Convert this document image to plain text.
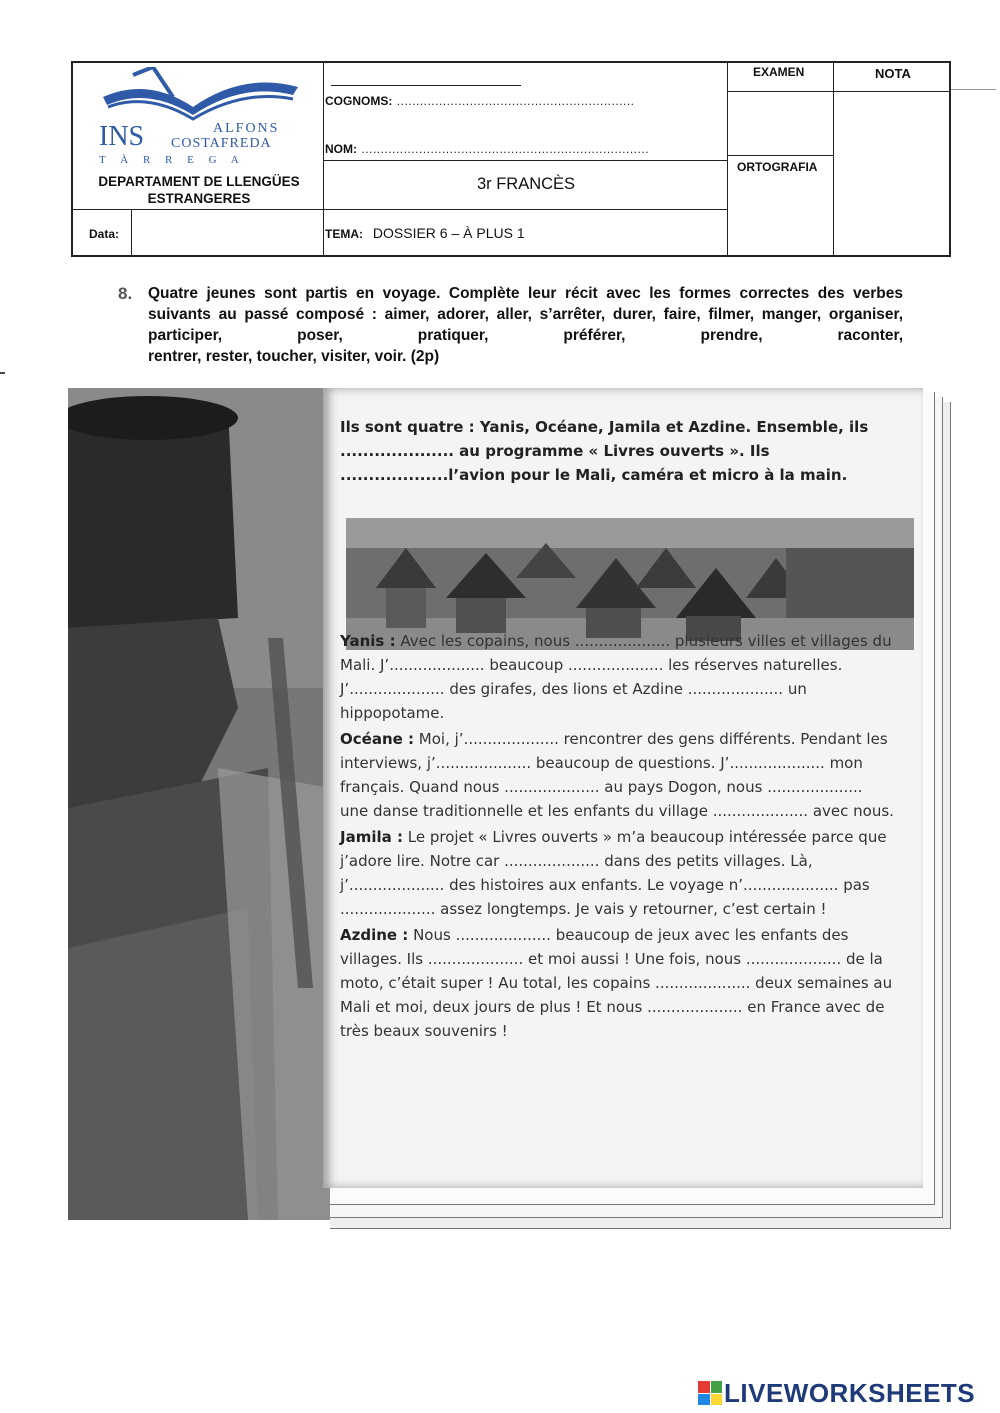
INS	ALFONS
COSTAFREDA
T À R R E G A
DEPARTAMENT DE LLENGÜES ESTRANGERES
COGNOMS: ..............................................................
NOM: ...........................................................................
3r FRANCÈS
EXAMEN	NOTA
ORTOGRAFIA
Data:	TEMA: DOSSIER 6 – À PLUS 1
8. Quatre jeunes sont partis en voyage. Complète leur récit avec les formes correctes des verbes suivants au passé composé : aimer, adorer, aller, s’arrêter, durer, faire, filmer, manger, organiser, participer, poser, pratiquer, préférer, prendre, raconter,
rentrer, rester, toucher, visiter, voir. (2p)

Ils sont quatre : Yanis, Océane, Jamila et Azdine. Ensemble, ils .................... au programme « Livres ouverts ». Ils ...................l’avion pour le Mali, caméra et micro à la main.

Yanis : Avec les copains, nous .................... plusieurs villes et villages du Mali. J’.................... beaucoup .................... les réserves naturelles. J’.................... des girafes, des lions et Azdine .................... un hippopotame.

Océane : Moi, j’.................... rencontrer des gens différents. Pendant les interviews, j’.................... beaucoup de questions. J’.................... mon français. Quand nous .................... au pays Dogon, nous .................... une danse traditionnelle et les enfants du village .................... avec nous.

Jamila : Le projet « Livres ouverts » m’a beaucoup intéressée parce que j’adore lire. Notre car .................... dans des petits villages. Là, j’.................... des histoires aux enfants. Le voyage n’.................... pas .................... assez longtemps. Je vais y retourner, c’est certain !

Azdine : Nous .................... beaucoup de jeux avec les enfants des villages. Ils .................... et moi aussi ! Une fois, nous .................... de la moto, c’était super ! Au total, les copains .................... deux semaines au Mali et moi, deux jours de plus ! Et nous .................... en France avec de très beaux souvenirs !

LIVEWORKSHEETS
